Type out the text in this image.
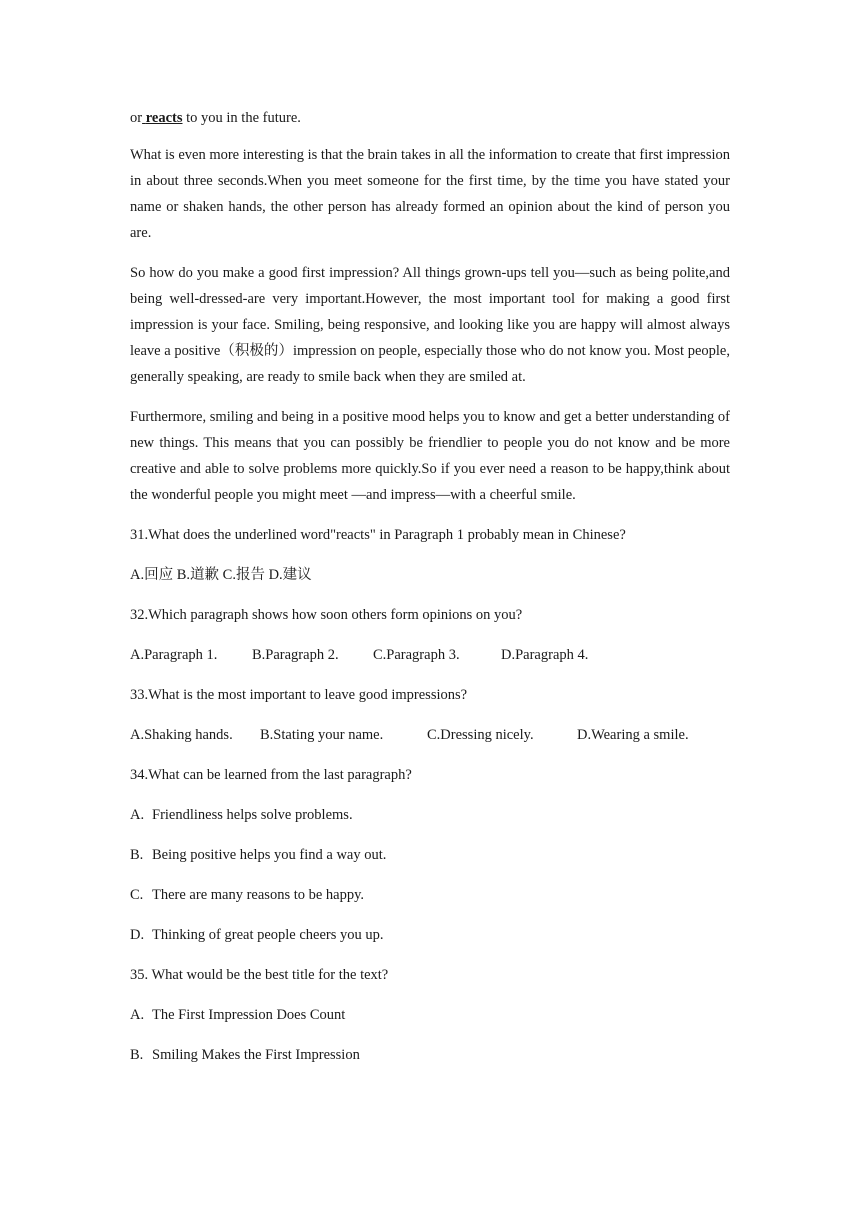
or reacts to you in the future.

What is even more interesting is that the brain takes in all the information to create that first impression in about three seconds.When you meet someone for the first time, by the time you have stated your name or shaken hands, the other person has already formed an opinion about the kind of person you are.

So how do you make a good first impression? All things grown-ups tell you—such as being polite,and being well-dressed-are very important.However, the most important tool for making a good first impression is your face. Smiling, being responsive, and looking like you are happy will almost always leave a positive（积极的）impression on people, especially those who do not know you. Most people, generally speaking, are ready to smile back when they are smiled at.

Furthermore, smiling and being in a positive mood helps you to know and get a better understanding of new things. This means that you can possibly be friendlier to people you do not know and be more creative and able to solve problems more quickly.So if you ever need a reason to be happy,think about the wonderful people you might meet —and impress—with a cheerful smile.

31.What does the underlined word"reacts" in Paragraph 1 probably mean in Chinese?

A.回应 B.道歉 C.报告 D.建议

32.Which paragraph shows how soon others form opinions on you?

A.Paragraph 1.	B.Paragraph 2.	C.Paragraph 3.	D.Paragraph 4.

33.What is the most important to leave good impressions?

A.Shaking hands.	B.Stating your name.	C.Dressing nicely.	D.Wearing a smile.

34.What can be learned from the last paragraph?

A. Friendliness helps solve problems.

B. Being positive helps you find a way out.

C. There are many reasons to be happy.

D. Thinking of great people cheers you up.

35. What would be the best title for the text?

A. The First Impression Does Count

B. Smiling Makes the First Impression
